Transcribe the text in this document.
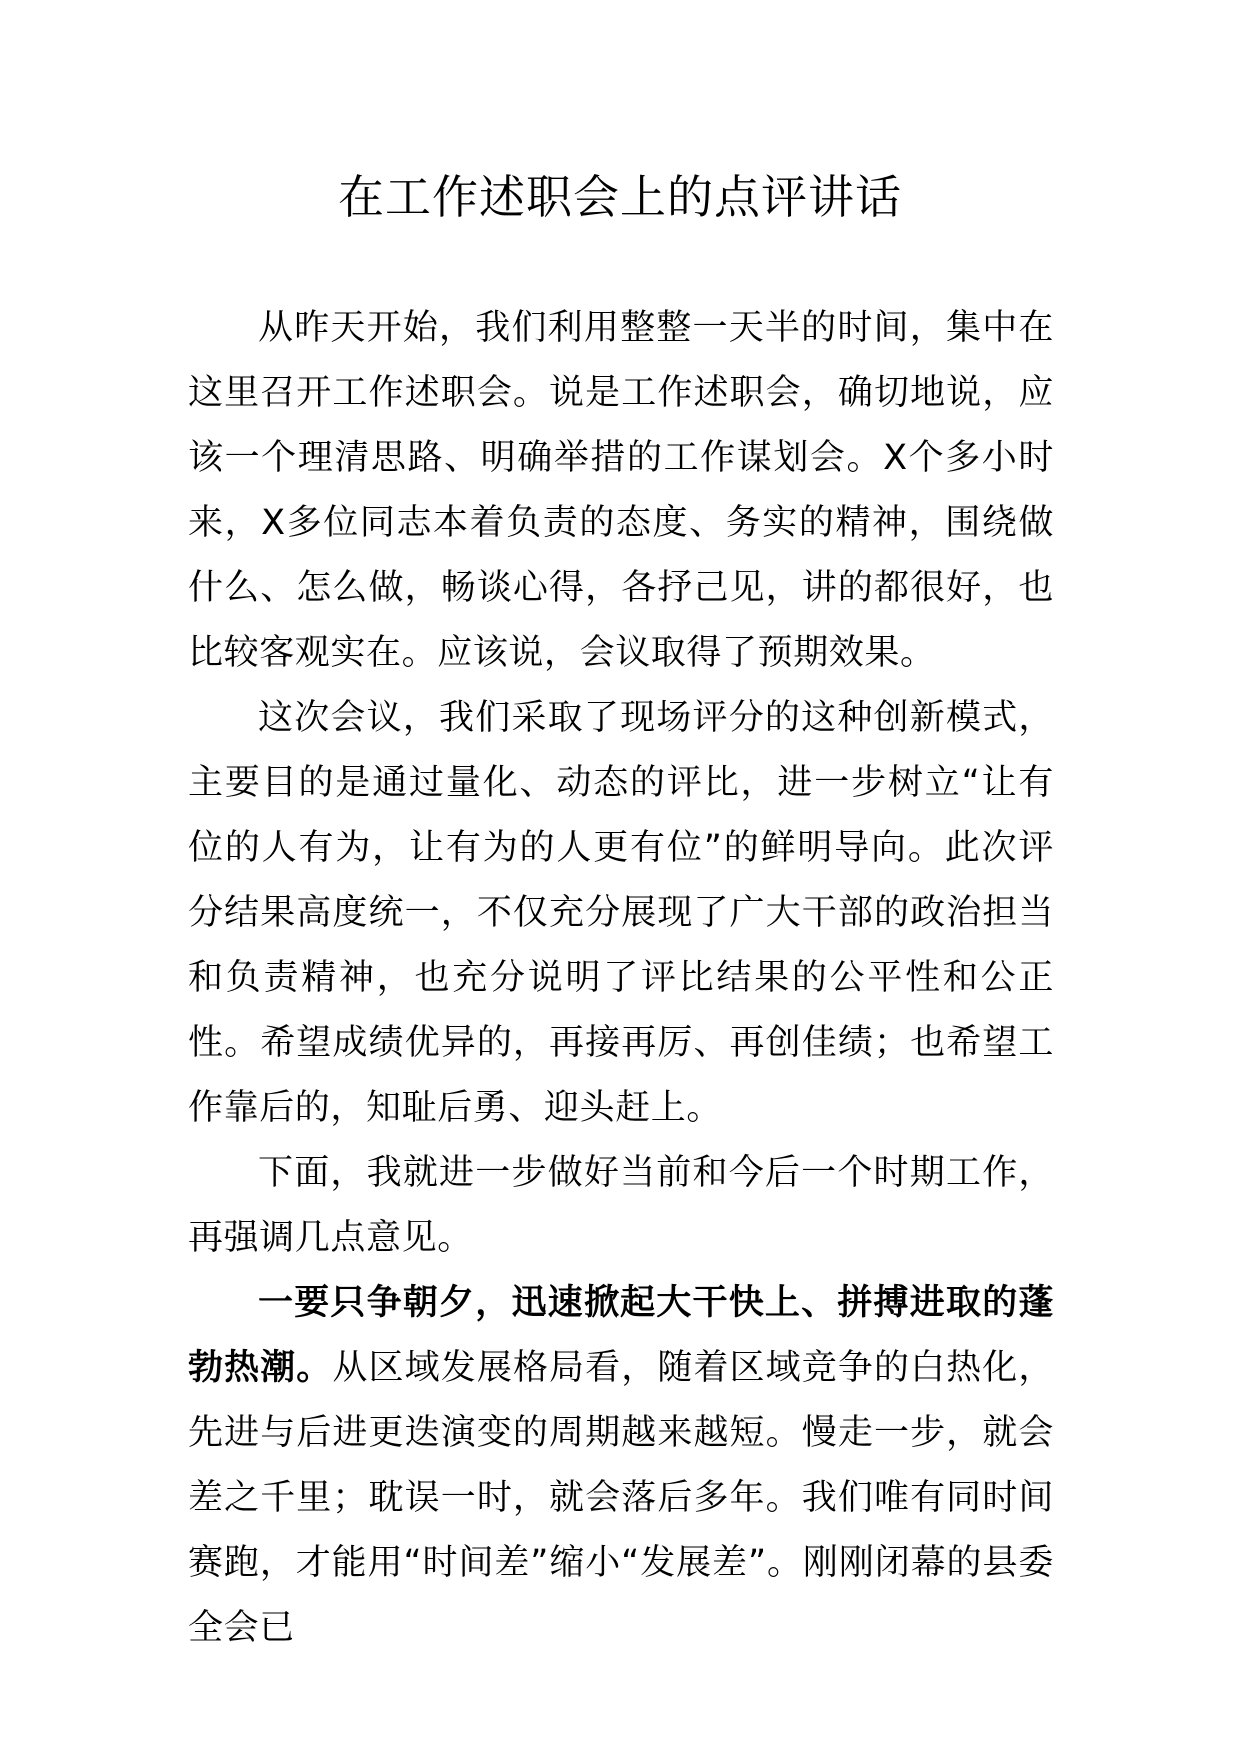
在工作述职会上的点评讲话

从昨天开始，我们利用整整一天半的时间，集中在这里召开工作述职会。说是工作述职会，确切地说，应该一个理清思路、明确举措的工作谋划会。X个多小时来，X多位同志本着负责的态度、务实的精神，围绕做什么、怎么做，畅谈心得，各抒己见，讲的都很好，也比较客观实在。应该说，会议取得了预期效果。

这次会议，我们采取了现场评分的这种创新模式，主要目的是通过量化、动态的评比，进一步树立“让有位的人有为，让有为的人更有位”的鲜明导向。此次评分结果高度统一，不仅充分展现了广大干部的政治担当和负责精神，也充分说明了评比结果的公平性和公正性。希望成绩优异的，再接再厉、再创佳绩；也希望工作靠后的，知耻后勇、迎头赶上。

下面，我就进一步做好当前和今后一个时期工作，再强调几点意见。

一要只争朝夕，迅速掀起大干快上、拼搏进取的蓬勃热潮。从区域发展格局看，随着区域竞争的白热化，先进与后进更迭演变的周期越来越短。慢走一步，就会差之千里；耽误一时，就会落后多年。我们唯有同时间赛跑，才能用“时间差”缩小“发展差”。刚刚闭幕的县委全会已
